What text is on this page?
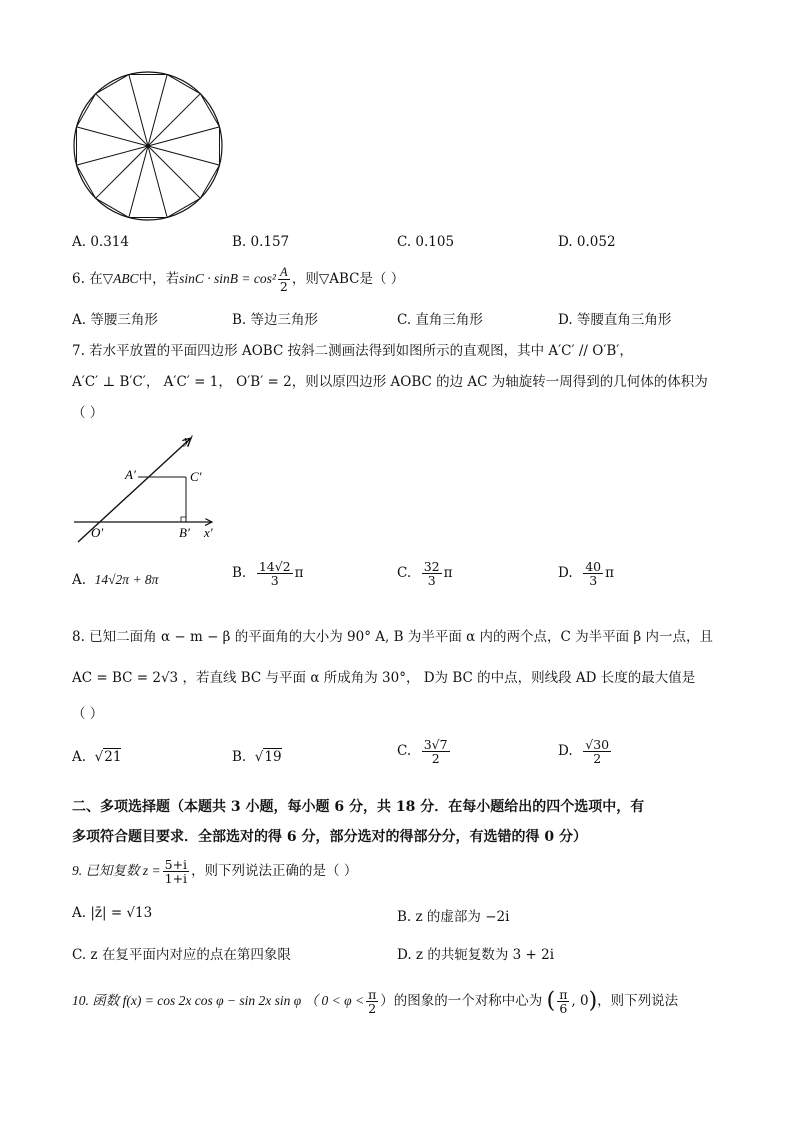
A. 0.314	B. 0.157	C. 0.105	D. 0.052
6. 在▽ABC中，若$\sin C \cdot \sin B = \cos^2 \frac{A}{2}$ ，则▽ABC是（ ）
A. 等腰三角形	B. 等边三角形	C. 直角三角形	D. 等腰直角三角形
7. 若水平放置的平面四边形 AOBC 按斜二测画法得到如图所示的直观图，其中 A′C′ // O′B′，
A′C′ ⊥ B′C′， A′C′ = 1， O′B′ = 2，则以原四边形 AOBC 的边 AC 为轴旋转一周得到的几何体的体积为
（ ）
y′
x′
A′	C′
O′	B′
A. 14√2π + 8π	B. $\frac{14√2}{3}$ π	C. $\frac{32}{3}$ π	D. $\frac{40}{3}$ π
8. 已知二面角 α − m − β 的平面角的大小为 90° A, B 为半平面 α 内的两个点，C 为半平面 β 内一点，且
AC = BC = 2√3 ，若直线 BC 与平面 α 所成角为 30°， D为 BC 的中点，则线段 AD 长度的最大值是
（ ）
A.  √21	B.  √19	C. $\frac{3√7}{2}$	D. $\frac{√30}{2}$
二、多项选择题（本题共 3 小题，每小题 6 分，共 18 分．在每小题给出的四个选项中，有
多项符合题目要求．全部选对的得 6 分，部分选对的得部分分，有选错的得 0 分）
9. 已知复数 $z = \frac{5+i}{1+i}$ ，则下列说法正确的是（ ）
A. |z̄| = √13	B. z 的虚部为 −2i
C. z 在复平面内对应的点在第四象限	D. z 的共轭复数为 3 + 2i
10. 函数 f(x) = cos 2x cos φ − sin 2x sin φ （ $0 < \varphi < \frac{\pi}{2}$ ）的图象的一个对称中心为 ( $\frac{\pi}{6}$ , 0)，则下列说法
